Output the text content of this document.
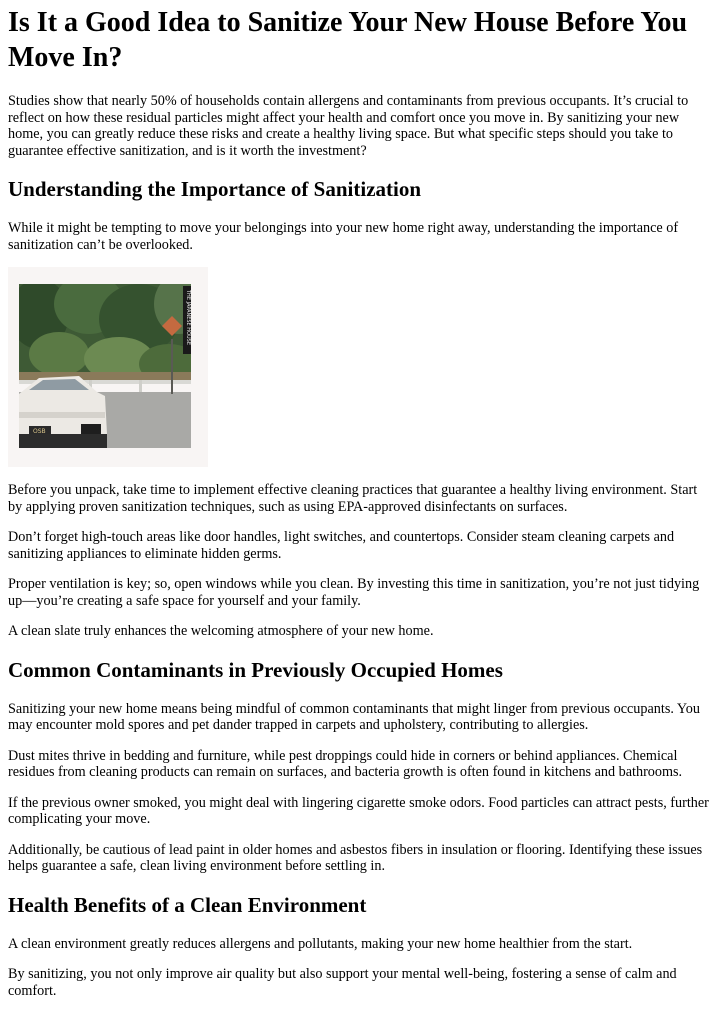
Is It a Good Idea to Sanitize Your New House Before You Move In?

Studies show that nearly 50% of households contain allergens and contaminants from previous occupants. It’s crucial to reflect on how these residual particles might affect your health and comfort once you move in. By sanitizing your new home, you can greatly reduce these risks and create a healthy living space. But what specific steps should you take to guarantee effective sanitization, and is it worth the investment?

Understanding the Importance of Sanitization

While it might be tempting to move your belongings into your new home right away, understanding the importance of sanitization can’t be overlooked.

THE JAPANESE HOUSE
OSB

Before you unpack, take time to implement effective cleaning practices that guarantee a healthy living environment. Start by applying proven sanitization techniques, such as using EPA-approved disinfectants on surfaces.

Don’t forget high-touch areas like door handles, light switches, and countertops. Consider steam cleaning carpets and sanitizing appliances to eliminate hidden germs.

Proper ventilation is key; so, open windows while you clean. By investing this time in sanitization, you’re not just tidying up—you’re creating a safe space for yourself and your family.

A clean slate truly enhances the welcoming atmosphere of your new home.

Common Contaminants in Previously Occupied Homes

Sanitizing your new home means being mindful of common contaminants that might linger from previous occupants. You may encounter mold spores and pet dander trapped in carpets and upholstery, contributing to allergies.

Dust mites thrive in bedding and furniture, while pest droppings could hide in corners or behind appliances. Chemical residues from cleaning products can remain on surfaces, and bacteria growth is often found in kitchens and bathrooms.

If the previous owner smoked, you might deal with lingering cigarette smoke odors. Food particles can attract pests, further complicating your move.

Additionally, be cautious of lead paint in older homes and asbestos fibers in insulation or flooring. Identifying these issues helps guarantee a safe, clean living environment before settling in.

Health Benefits of a Clean Environment

A clean environment greatly reduces allergens and pollutants, making your new home healthier from the start.

By sanitizing, you not only improve air quality but also support your mental well-being, fostering a sense of calm and comfort.
